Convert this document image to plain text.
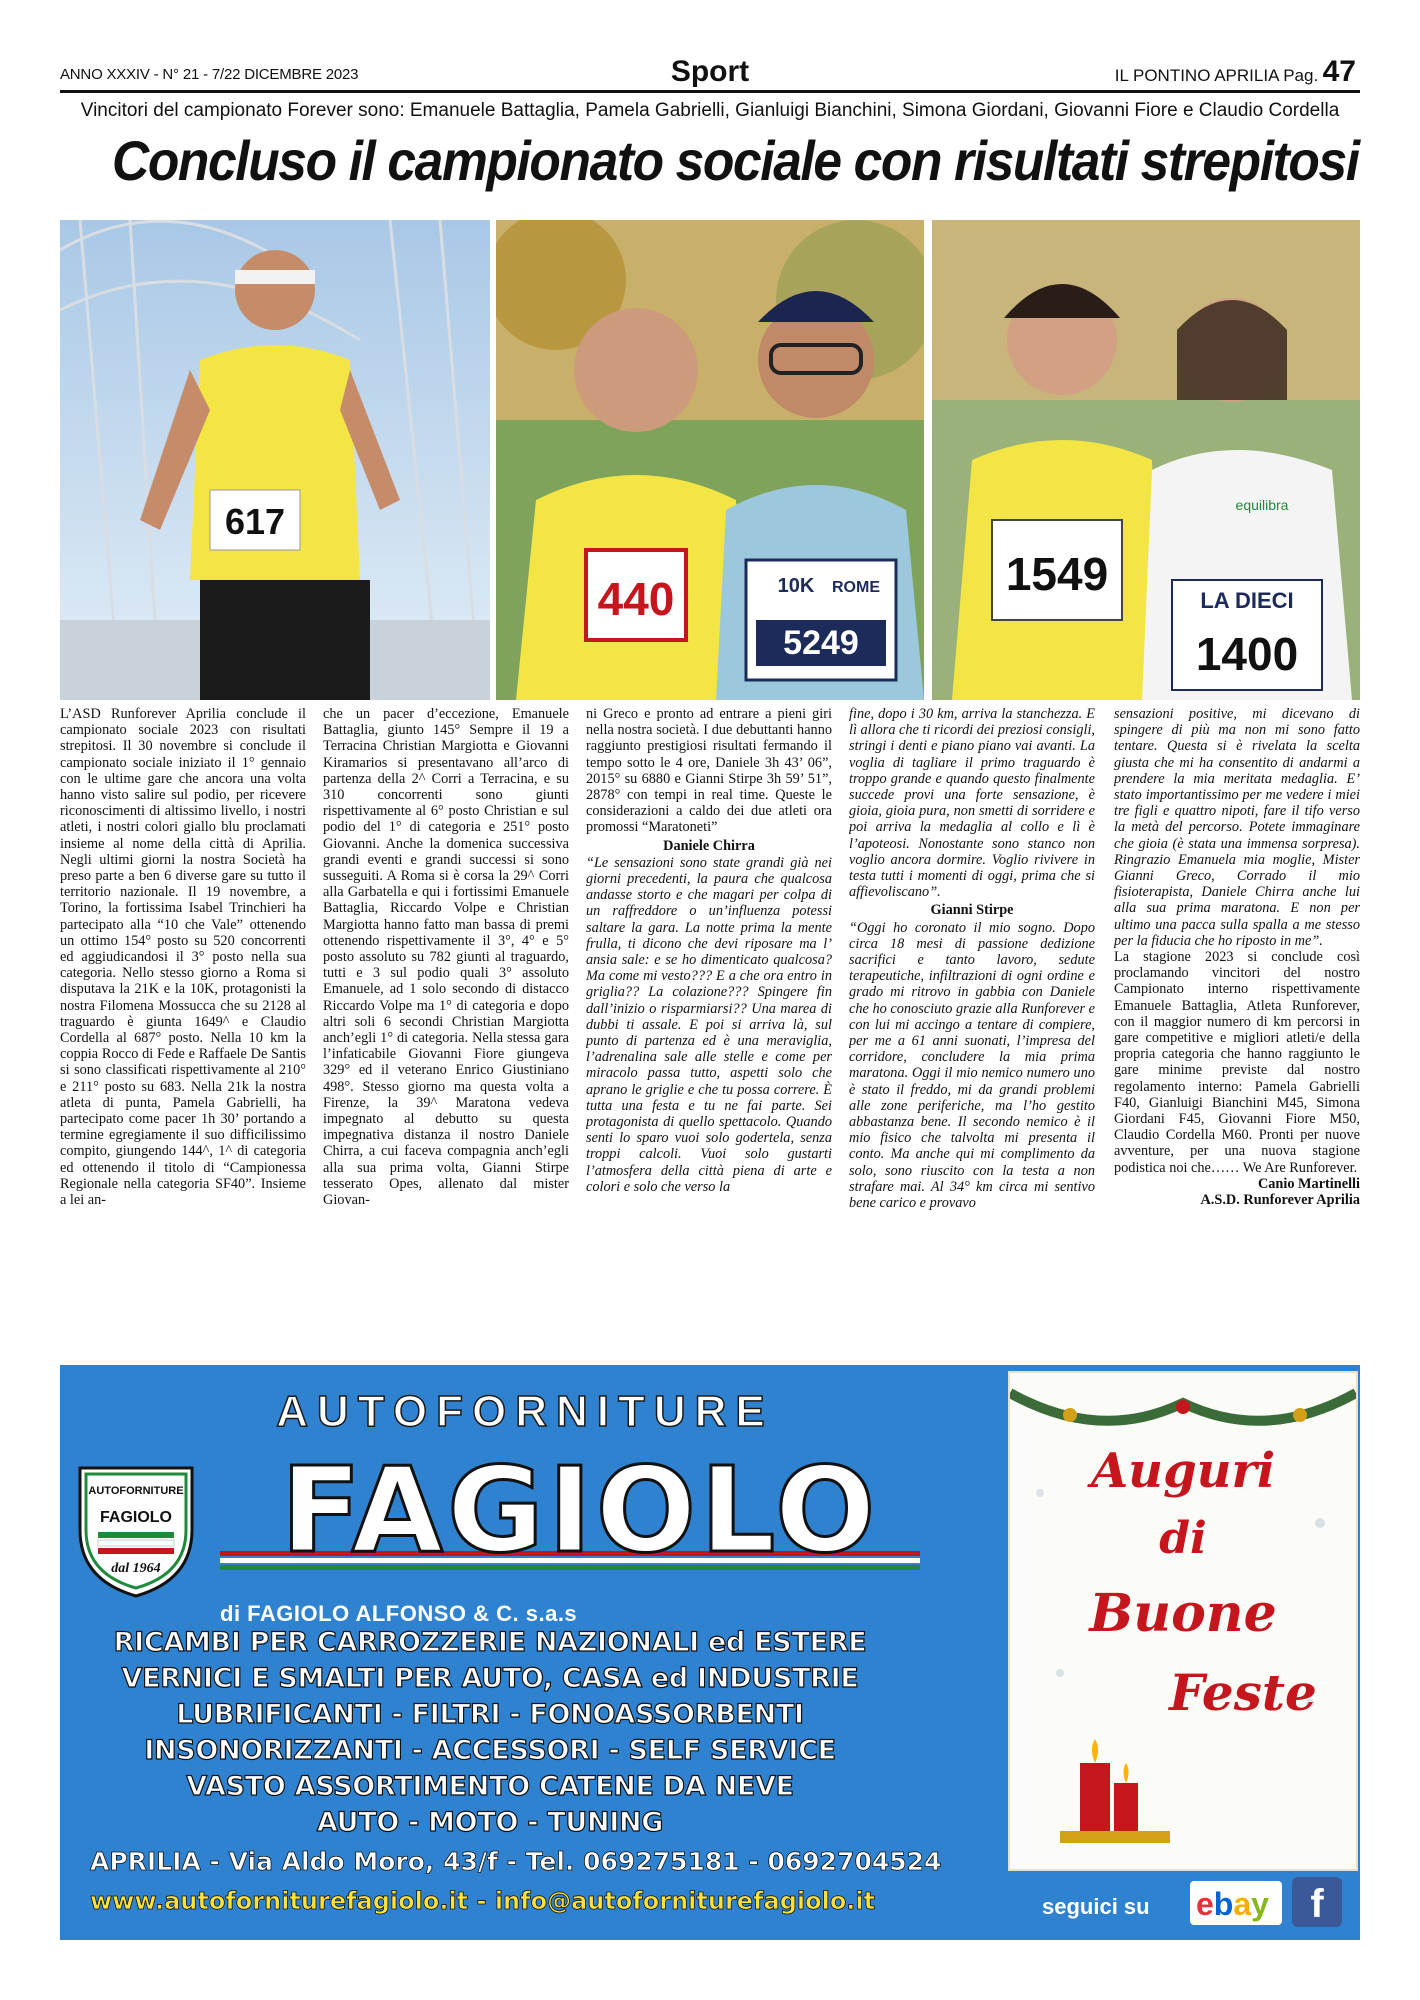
ANNO XXXIV - N° 21 - 7/22 DICEMBRE 2023	Sport	IL PONTINO APRILIA Pag. 47
Vincitori del campionato Forever sono: Emanuele Battaglia, Pamela Gabrielli, Gianluigi Bianchini, Simona Giordani, Giovanni Fiore e Claudio Cordella
Concluso il campionato sociale con risultati strepitosi
617
440	10K ROME
5249
1549
equilibra
LA DIECI
1400

L’ASD Runforever Aprilia conclude il campionato sociale 2023 con risultati strepitosi. Il 30 novembre si conclude il campionato sociale iniziato il 1° gennaio con le ultime gare che ancora una volta hanno visto salire sul podio, per ricevere riconoscimenti di altissimo livello, i nostri atleti, i nostri colori giallo blu proclamati insieme al nome della città di Aprilia. Negli ultimi giorni la nostra Società ha preso parte a ben 6 diverse gare su tutto il territorio nazionale. Il 19 novembre, a Torino, la fortissima Isabel Trinchieri ha partecipato alla “10 che Vale” ottenendo un ottimo 154° posto su 520 concorrenti ed aggiudicandosi il 3° posto nella sua categoria. Nello stesso giorno a Roma si disputava la 21K e la 10K, protagonisti la nostra Filomena Mossucca che su 2128 al traguardo è giunta 1649^ e Claudio Cordella al 687° posto. Nella 10 km la coppia Rocco di Fede e Raffaele De Santis si sono classificati rispettivamente al 210° e 211° posto su 683. Nella 21k la nostra atleta di punta, Pamela Gabrielli, ha partecipato come pacer 1h 30’ portando a termine egregiamente il suo difficilissimo compito, giungendo 144^, 1^ di categoria ed ottenendo il titolo di “Campionessa Regionale nella categoria SF40”. Insieme a lei an-

che un pacer d’eccezione, Emanuele Battaglia, giunto 145° Sempre il 19 a Terracina Christian Margiotta e Giovanni Kiramarios si presentavano all’arco di partenza della 2^ Corri a Terracina, e su 310 concorrenti sono giunti rispettivamente al 6° posto Christian e sul podio del 1° di categoria e 251° posto Giovanni. Anche la domenica successiva grandi eventi e grandi successi si sono susseguiti. A Roma si è corsa la 29^ Corri alla Garbatella e qui i fortissimi Emanuele Battaglia, Riccardo Volpe e Christian Margiotta hanno fatto man bassa di premi ottenendo rispettivamente il 3°, 4° e 5° posto assoluto su 782 giunti al traguardo, tutti e 3 sul podio quali 3° assoluto Emanuele, ad 1 solo secondo di distacco Riccardo Volpe ma 1° di categoria e dopo altri soli 6 secondi Christian Margiotta anch’egli 1° di categoria. Nella stessa gara l’infaticabile Giovanni Fiore giungeva 329° ed il veterano Enrico Giustiniano 498°. Stesso giorno ma questa volta a Firenze, la 39^ Maratona vedeva impegnato al debutto su questa impegnativa distanza il nostro Daniele Chirra, a cui faceva compagnia anch’egli alla sua prima volta, Gianni Stirpe tesserato Opes, allenato dal mister Giovan-

ni Greco e pronto ad entrare a pieni giri nella nostra società. I due debuttanti hanno raggiunto prestigiosi risultati fermando il tempo sotto le 4 ore, Daniele 3h 43’ 06”, 2015° su 6880 e Gianni Stirpe 3h 59’ 51”, 2878° con tempi in real time. Queste le considerazioni a caldo dei due atleti ora promossi “Maratoneti”

Daniele Chirra

“Le sensazioni sono state grandi già nei giorni precedenti, la paura che qualcosa andasse storto e che magari per colpa di un raffreddore o un’influenza potessi saltare la gara. La notte prima la mente frulla, ti dicono che devi riposare ma l’ ansia sale: e se ho dimenticato qualcosa? Ma come mi vesto??? E a che ora entro in griglia?? La colazione??? Spingere fin dall’inizio o risparmiarsi?? Una marea di dubbi ti assale. E poi si arriva là, sul punto di partenza ed è una meraviglia, l’adrenalina sale alle stelle e come per miracolo passa tutto, aspetti solo che aprano le griglie e che tu possa correre. È tutta una festa e tu ne fai parte. Sei protagonista di quello spettacolo. Quando senti lo sparo vuoi solo godertela, senza troppi calcoli. Vuoi solo gustarti l’atmosfera della città piena di arte e colori e solo che verso la

fine, dopo i 30 km, arriva la stanchezza. E lì allora che ti ricordi dei preziosi consigli, stringi i denti e piano piano vai avanti. La voglia di tagliare il primo traguardo è troppo grande e quando questo finalmente succede provi una forte sensazione, è gioia, gioia pura, non smetti di sorridere e poi arriva la medaglia al collo e lì è l’apoteosi. Nonostante sono stanco non voglio ancora dormire. Voglio rivivere in testa tutti i momenti di oggi, prima che si affievoliscano”.

Gianni Stirpe

“Oggi ho coronato il mio sogno. Dopo circa 18 mesi di passione dedizione sacrifici e tanto lavoro, sedute terapeutiche, infiltrazioni di ogni ordine e grado mi ritrovo in gabbia con Daniele che ho conosciuto grazie alla Runforever e con lui mi accingo a tentare di compiere, per me a 61 anni suonati, l’impresa del corridore, concludere la mia prima maratona. Oggi il mio nemico numero uno è stato il freddo, mi da grandi problemi alle zone periferiche, ma l’ho gestito abbastanza bene. Il secondo nemico è il mio fisico che talvolta mi presenta il conto. Ma anche qui mi complimento da solo, sono riuscito con la testa a non strafare mai. Al 34° km circa mi sentivo bene carico e provavo

sensazioni positive, mi dicevano di spingere di più ma non mi sono fatto tentare. Questa si è rivelata la scelta giusta che mi ha consentito di andarmi a prendere la mia meritata medaglia. E’ stato importantissimo per me vedere i miei tre figli e quattro nipoti, fare il tifo verso la metà del percorso. Potete immaginare che gioia (è stata una immensa sorpresa). Ringrazio Emanuela mia moglie, Mister Gianni Greco, Corrado il mio fisioterapista, Daniele Chirra anche lui alla sua prima maratona. E non per ultimo una pacca sulla spalla a me stesso per la fiducia che ho riposto in me”.

La stagione 2023 si conclude così proclamando vincitori del nostro Campionato interno rispettivamente Emanuele Battaglia, Atleta Runforever, con il maggior numero di km percorsi in gare competitive e migliori atleti/e della propria categoria che hanno raggiunto le gare minime previste dal nostro regolamento interno: Pamela Gabrielli F40, Gianluigi Bianchini M45, Simona Giordani F45, Giovanni Fiore M50, Claudio Cordella M60. Pronti per nuove avventure, per una nuova stagione podistica noi che…… We Are Runforever.

Canio Martinelli

A.S.D. Runforever Aprilia

AUTOFORNITURE
AUTOFORNITURE
FAGIOLO
dal 1964 FAGIOLO
di FAGIOLO ALFONSO & C. s.a.s
RICAMBI PER CARROZZERIE NAZIONALI ed ESTERE
VERNICI E SMALTI PER AUTO, CASA ed INDUSTRIE
LUBRIFICANTI - FILTRI - FONOASSORBENTI
INSONORIZZANTI - ACCESSORI - SELF SERVICE
VASTO ASSORTIMENTO CATENE DA NEVE
AUTO - MOTO - TUNING
APRILIA - Via Aldo Moro, 43/f - Tel. 069275181 - 0692704524
www.autoforniturefagiolo.it - info@autoforniturefagiolo.it
Auguri
di
Buone
Feste
seguici su ebay	f
